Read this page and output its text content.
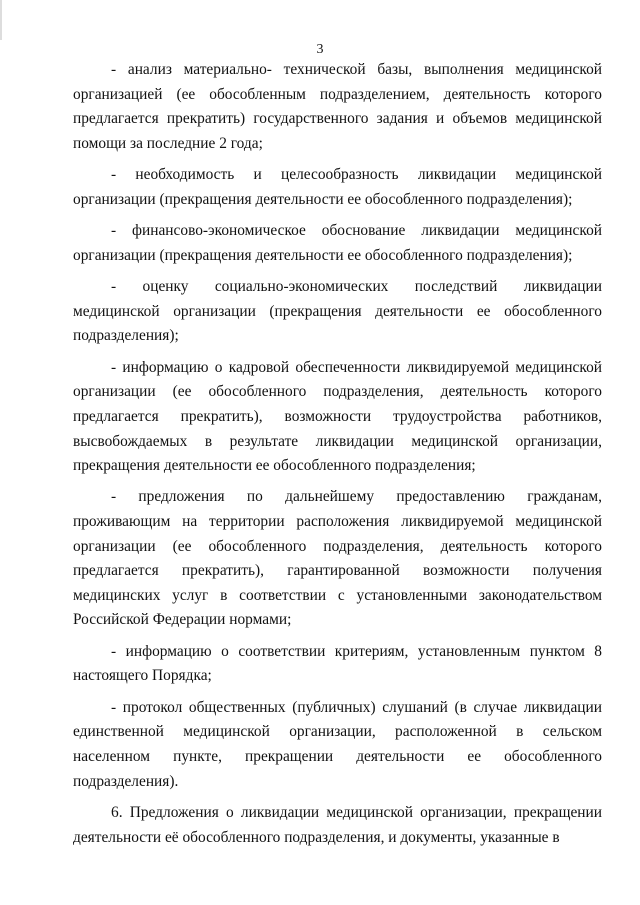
3

- анализ материально- технической базы, выполнения медицинской организацией (ее обособленным подразделением, деятельность которого предлагается прекратить) государственного задания и объемов медицинской помощи за последние 2 года;

- необходимость и целесообразность ликвидации медицинской организации (прекращения деятельности ее обособленного подразделения);

- финансово-экономическое обоснование ликвидации медицинской организации (прекращения деятельности ее обособленного подразделения);

- оценку социально-экономических последствий ликвидации медицинской организации (прекращения деятельности ее обособленного подразделения);

- информацию о кадровой обеспеченности ликвидируемой медицинской организации (ее обособленного подразделения, деятельность которого предлагается прекратить), возможности трудоустройства работников, высвобождаемых в результате ликвидации медицинской организации, прекращения деятельности ее обособленного подразделения;

- предложения по дальнейшему предоставлению гражданам, проживающим на территории расположения ликвидируемой медицинской организации (ее обособленного подразделения, деятельность которого предлагается прекратить), гарантированной возможности получения медицинских услуг в соответствии с установленными законодательством Российской Федерации нормами;

- информацию о соответствии критериям, установленным пунктом 8 настоящего Порядка;

- протокол общественных (публичных) слушаний (в случае ликвидации единственной медицинской организации, расположенной в сельском населенном пункте, прекращении деятельности ее обособленного подразделения).

6. Предложения о ликвидации медицинской организации, прекращении деятельности её обособленного подразделения, и документы, указанные в
